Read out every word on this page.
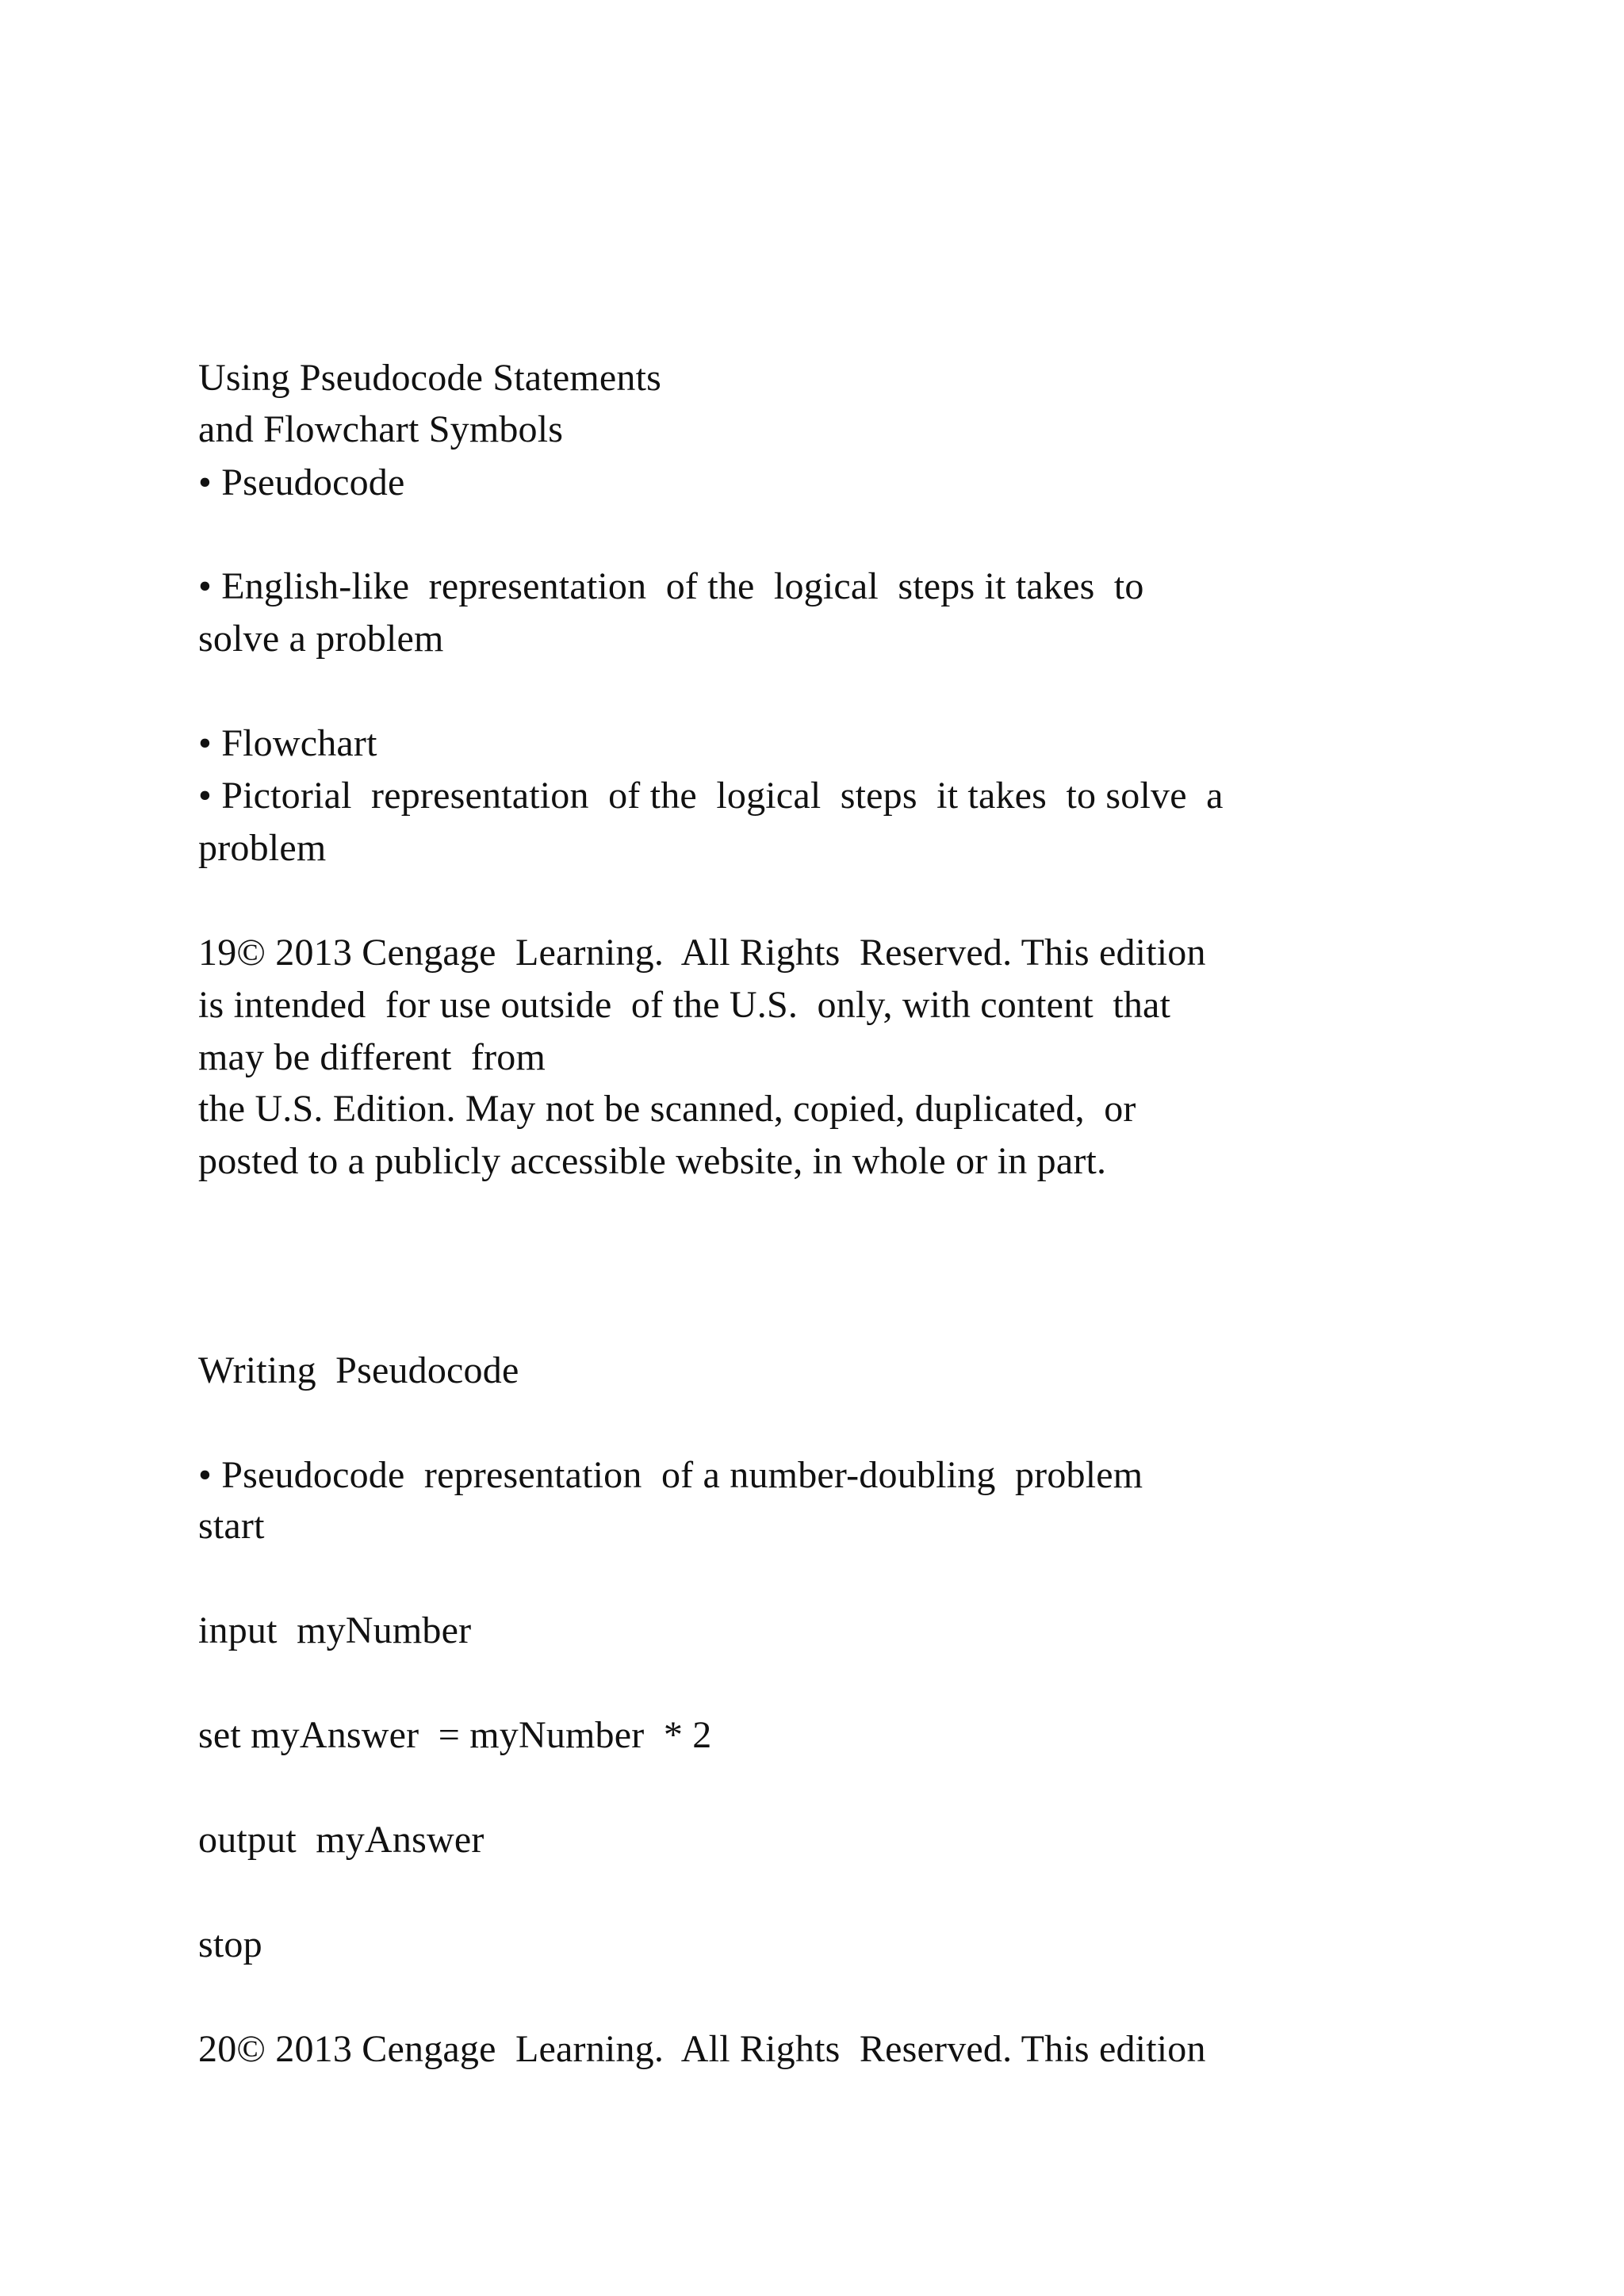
Using Pseudocode Statements

and Flowchart Symbols

• Pseudocode

• English-like  representation  of the  logical  steps it takes  to

solve a problem

• Flowchart

• Pictorial  representation  of the  logical  steps  it takes  to solve  a

problem

19© 2013 Cengage  Learning.  All Rights  Reserved. This edition

is intended  for use outside  of the U.S.  only, with content  that

may be different  from

the U.S. Edition. May not be scanned, copied, duplicated,  or

posted to a publicly accessible website, in whole or in part.

Writing  Pseudocode

• Pseudocode  representation  of a number-doubling  problem

start

input  myNumber

set myAnswer  = myNumber  * 2

output  myAnswer

stop

20© 2013 Cengage  Learning.  All Rights  Reserved. This edition
